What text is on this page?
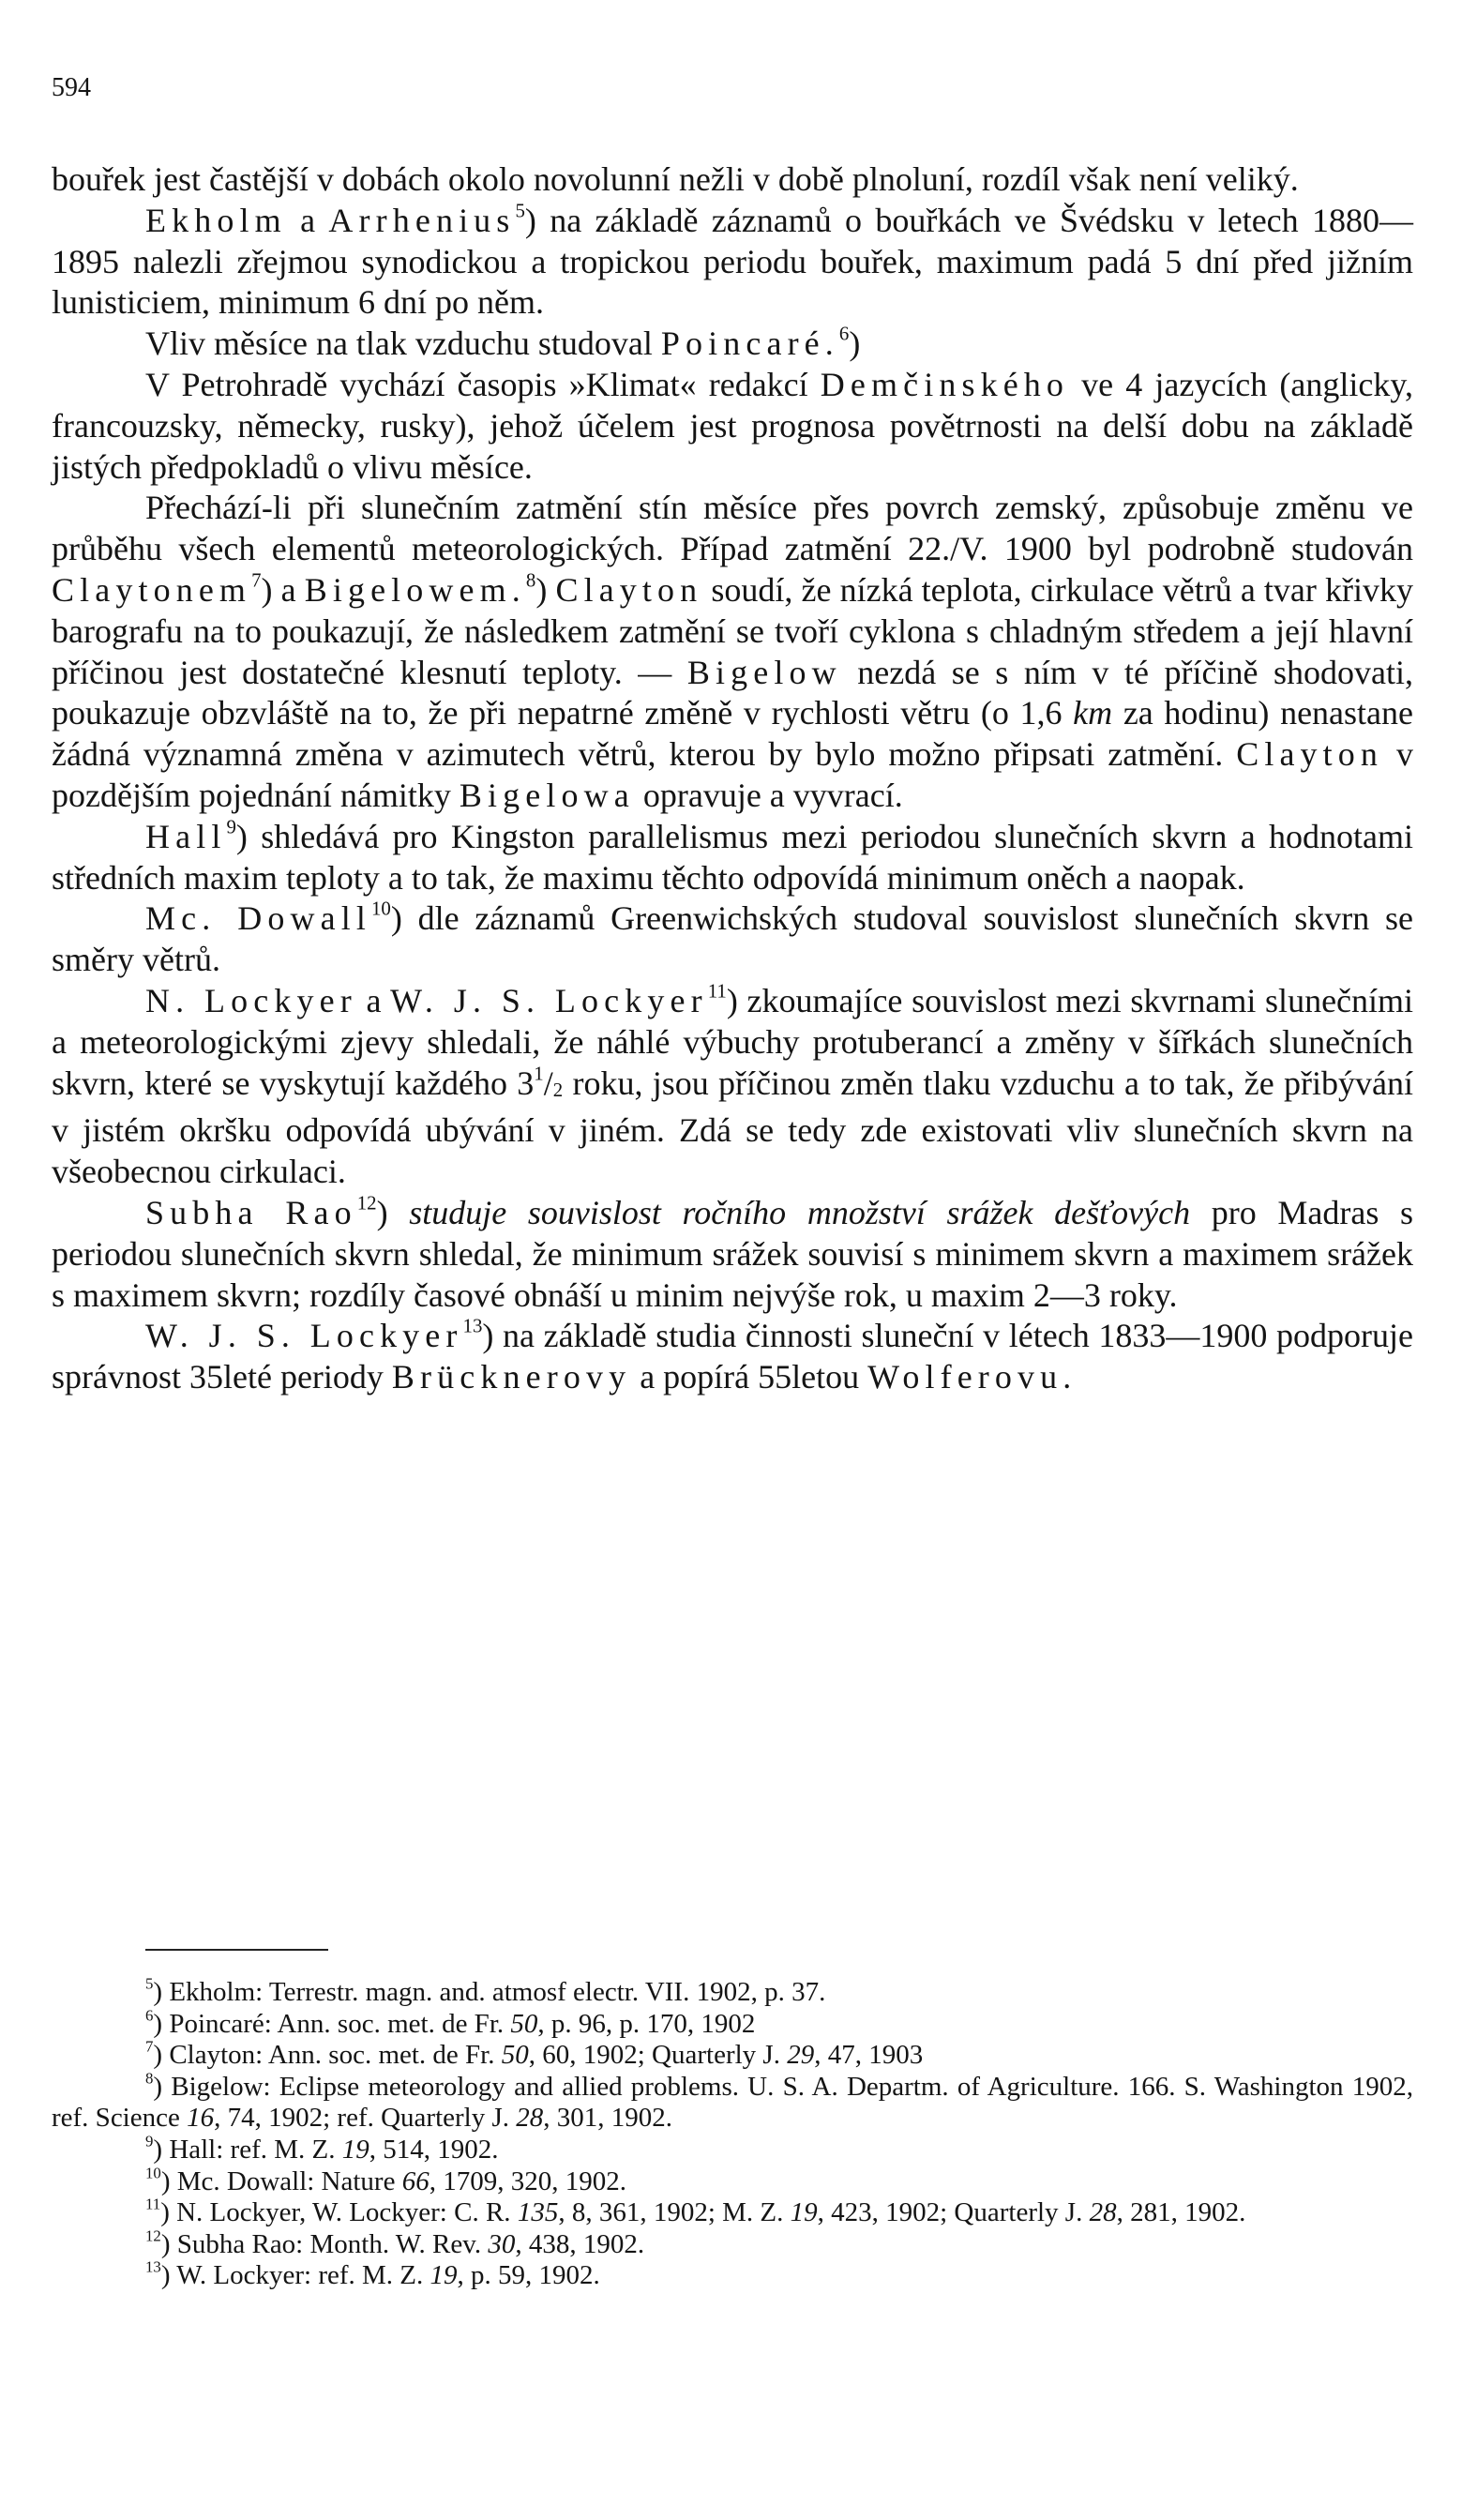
594

bouřek jest častější v dobách okolo novolunní nežli v době plnoluní, rozdíl však není veliký.

Ekholm a Arrhenius$^5$) na základě záznamů o bouřkách ve Švédsku v letech 1880—1895 nalezli zřejmou synodickou a tropickou periodu bouřek, maximum padá 5 dní před jižním lunisticiem, minimum 6 dní po něm.

Vliv měsíce na tlak vzduchu studoval Poincaré.$^6$)

V Petrohradě vychází časopis »Klimat« redakcí Demčinského ve 4 jazycích (anglicky, francouzsky, německy, rusky), jehož účelem jest prognosa povětrnosti na delší dobu na základě jistých předpokladů o vlivu měsíce.

Přechází-li při slunečním zatmění stín měsíce přes povrch zemský, způsobuje změnu ve průběhu všech elementů meteorologických. Případ zatmění 22./V. 1900 byl podrobně studován Claytonem$^7$) a Bigelowem.$^8$) Clayton soudí, že nízká teplota, cirkulace větrů a tvar křivky barografu na to poukazují, že následkem zatmění se tvoří cyklona s chladným středem a její hlavní příčinou jest dostatečné klesnutí teploty. — Bigelow nezdá se s ním v té příčině shodovati, poukazuje obzvláště na to, že při nepatrné změně v rychlosti větru (o 1,6 km za hodinu) nenastane žádná významná změna v azimutech větrů, kterou by bylo možno připsati zatmění. Clayton v pozdějším pojednání námitky Bigelowa opravuje a vyvrací.

Hall$^9$) shledává pro Kingston parallelismus mezi periodou slunečních skvrn a hodnotami středních maxim teploty a to tak, že maximu těchto odpovídá minimum oněch a naopak.

Mc. Dowall$^{10}$) dle záznamů Greenwichských studoval souvislost slunečních skvrn se směry větrů.

N. Lockyer a W. J. S. Lockyer$^{11}$) zkoumajíce souvislost mezi skvrnami slunečními a meteorologickými zjevy shledali, že náhlé výbuchy protuberancí a změny v šířkách slunečních skvrn, které se vyskytují každého $3^1/_2$ roku, jsou příčinou změn tlaku vzduchu a to tak, že přibývání v jistém okršku odpovídá ubývání v jiném. Zdá se tedy zde existovati vliv slunečních skvrn na všeobecnou cirkulaci.

Subha Rao$^{12}$) studuje souvislost ročního množství srážek dešťových pro Madras s periodou slunečních skvrn shledal, že minimum srážek souvisí s minimem skvrn a maximem srážek s maximem skvrn; rozdíly časové obnáší u minim nejvýše rok, u maxim 2—3 roky.

W. J. S. Lockyer$^{13}$) na základě studia činnosti sluneční v létech 1833—1900 podporuje správnost 35leté periody Brücknerovy a popírá 55letou Wolferovu.

$^5$) Ekholm: Terrestr. magn. and. atmosf electr. VII. 1902, p. 37.

$^6$) Poincaré: Ann. soc. met. de Fr. 50, p. 96, p. 170, 1902

$^7$) Clayton: Ann. soc. met. de Fr. 50, 60, 1902; Quarterly J. 29, 47, 1903

$^8$) Bigelow: Eclipse meteorology and allied problems. U. S. A. Departm. of Agriculture. 166. S. Washington 1902, ref. Science 16, 74, 1902; ref. Quarterly J. 28, 301, 1902.

$^9$) Hall: ref. M. Z. 19, 514, 1902.

$^{10}$) Mc. Dowall: Nature 66, 1709, 320, 1902.

$^{11}$) N. Lockyer, W. Lockyer: C. R. 135, 8, 361, 1902; M. Z. 19, 423, 1902; Quarterly J. 28, 281, 1902.

$^{12}$) Subha Rao: Month. W. Rev. 30, 438, 1902.

$^{13}$) W. Lockyer: ref. M. Z. 19, p. 59, 1902.
